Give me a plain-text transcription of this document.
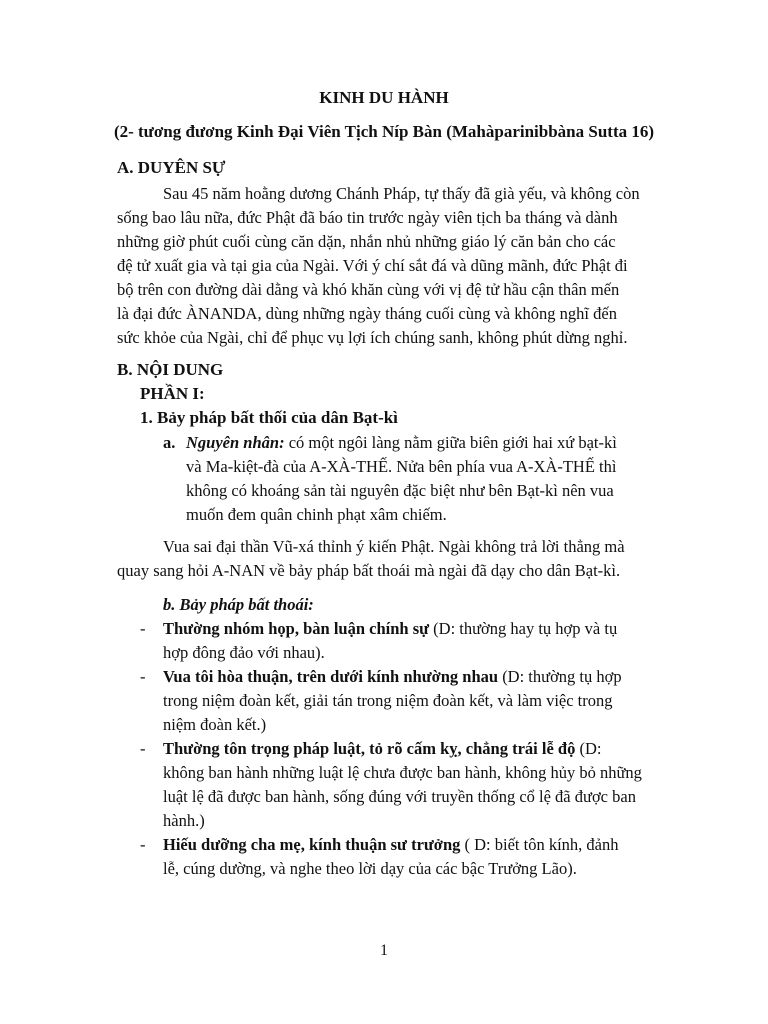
KINH DU HÀNH
(2- tương đương Kinh Đại Viên Tịch Níp Bàn (Mahàparinibbàna Sutta 16)
A. DUYÊN SỰ
Sau 45 năm hoằng dương Chánh Pháp, tự thấy đã già yếu, và không còn
sống bao lâu nữa, đức Phật đã báo tin trước ngày viên tịch ba tháng và dành
những giờ phút cuối cùng căn dặn, nhắn nhủ những giáo lý căn bản cho các
đệ tử xuất gia và tại gia của Ngài. Với ý chí sắt đá và dũng mãnh, đức Phật đi
bộ trên con đường dài dằng và khó khăn cùng với vị đệ tử hầu cận thân mến
là đại đức ÀNANDA, dùng những ngày tháng cuối cùng và không nghĩ đến
sức khỏe của Ngài, chỉ để phục vụ lợi ích chúng sanh, không phút dừng nghỉ.
B. NỘI DUNG
PHẦN I:
1. Bảy pháp bất thối của dân Bạt-kì
a. Nguyên nhân: có một ngôi làng nằm giữa biên giới hai xứ bạt-kì
và Ma-kiệt-đà của A-XÀ-THẾ. Nửa bên phía vua A-XÀ-THẾ thì
không có khoáng sản tài nguyên đặc biệt như bên Bạt-kì nên vua
muốn đem quân chinh phạt xâm chiếm.
Vua sai đại thần Vũ-xá thỉnh ý kiến Phật. Ngài không trả lời thẳng mà
quay sang hỏi A-NAN về bảy pháp bất thoái mà ngài đã dạy cho dân Bạt-kì.
b. Bảy pháp bất thoái:
- Thường nhóm họp, bàn luận chính sự (D: thường hay tụ hợp và tụ
hợp đông đảo với nhau).
- Vua tôi hòa thuận, trên dưới kính nhường nhau (D: thường tụ hợp
trong niệm đoàn kết, giải tán trong niệm đoàn kết, và làm việc trong
niệm đoàn kết.)
- Thường tôn trọng pháp luật, tỏ rõ cấm kỵ, chẳng trái lễ độ (D:
không ban hành những luật lệ chưa được ban hành, không hủy bỏ những
luật lệ đã được ban hành, sống đúng với truyền thống cổ lệ đã được ban
hành.)
- Hiếu dưỡng cha mẹ, kính thuận sư trưởng ( D: biết tôn kính, đảnh
lễ, cúng dường, và nghe theo lời dạy của các bậc Trưởng Lão).
1
